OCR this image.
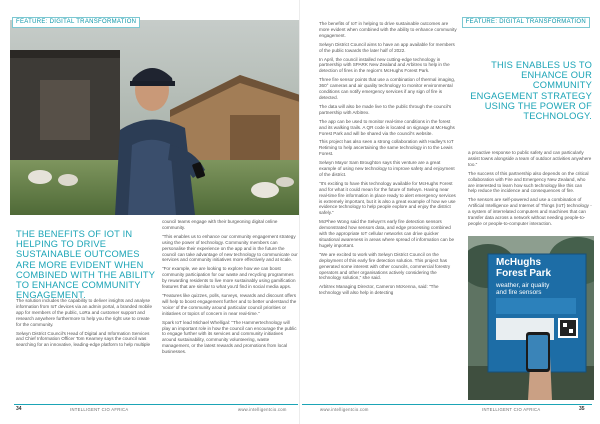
FEATURE: DIGITAL TRANSFORMATION
THE BENEFITS OF IOT IN HELPING TO DRIVE SUSTAINABLE OUTCOMES ARE MORE EVIDENT WHEN COMBINED WITH THE ABILITY TO ENHANCE COMMUNITY ENGAGEMENT.

The solution includes the capability to deliver insights and analyse information from IoT devices via an admin portal, a branded mobile app for members of the public, LoRa and customer support and research anywhere furthermore to help you the right use to create for the community.

Selwyn District Council's Head of Digital and Information Services and Chief Information Officer Tom Kearney says the council was searching for an innovative, leading-edge platform to help multiple

council teams engage with their burgeoning digital online community.

"This enables us to enhance our community engagement strategy using the power of technology. Community members can personalise their experience on the app and in the future the council can take advantage of new technology to communicate our services and community initiatives more effectively and at scale.

"For example, we are looking to explore how we can boost community participation for our waste and recycling programmes by rewarding residents to live more sustainably using gamification features that are similar to what you'd find in social media apps.

"Features like quizzes, polls, surveys, rewards and discount offers will help to boost engagement further and to better understand the 'voice' of the community around particular council priorities or initiatives or topics of concern in near real-time."

Spark IoT lead Michael Whelligal: "The Hammertechnology will play an important role in how the council can encourage the public to engage further with its services and community initiatives around sustainability, community volunteering, waste management, or the latest rewards and promotions from local businesses.

34	INTELLIGENT CIO AFRICA	www.intelligentcio.com
FEATURE: DIGITAL TRANSFORMATION

The benefits of IoT in helping to drive sustainable outcomes are more evident when combined with the ability to enhance community engagement.

Selwyn District Council aims to have an app available for members of the public towards the later half of 2022.

In April, the council installed new cutting-edge technology in partnership with SPARK New Zealand and Arbitrex to help in the detection of fires in the region's McHughs Forest Park.

Three fire sensor points that use a combination of thermal imaging, 360° cameras and air quality technology to monitor environmental conditions can notify emergency services if any sign of fire is detected.

The data will also be made live to the public through the council's partnership with Arbitrex.

The app can be used to monitor real-time conditions in the forest and its walking trails. A QR code is located on signage at McHughs Forest Park and will be shared via the council's website.

This project has also seen a strong collaboration with Hadley's IoT Retiming to help ascertaining the same technology in to the Lewis Forest.

Selwyn Mayor Sam Broughton says this venture are a great example of using new technology to improve safety and enjoyment of the district.

"It's exciting to have this technology available for McHughs Forest and for what it could mean for the future of Selwyn. Having near real-time fire information in place ready to alert emergency services is extremely important, but it is also a great example of how we use evidence technology to help people explore and enjoy the district safely."

McPhee Wong said the Selwyn's early fire detection sensors demonstrated how sensors data, and edge processing combined with the appropriate IoT cellular networks can drive quicker situational awareness in areas where spread of information can be hugely important.

"We are excited to work with Selwyn District Council on the deployment of this early fire detection solution. This project has generated some interest with other councils, commercial forestry operators and other organisations actively considering the technology solution," she said.

Arbitrex Managing Director, Cameron McKenna, said: "The technology will also help in detecting

THIS ENABLES US TO ENHANCE OUR COMMUNITY ENGAGEMENT STRATEGY USING THE POWER OF TECHNOLOGY.

a proactive response to public safety and can particularly assist towns alongside a team of outdoor activities anywhere too."

The success of this partnership also depends on the critical collaboration with Fire and Emergency New Zealand, who are interested to learn how such technology like this can help reduce the incidence and consequences of fire.

The sensors are self-powered and use a combination of Artificial Intelligence and Internet of Things (IoT) technology - a system of interrelated computers and machines that can transfer data across a network without needing people-to-people or people-to-computer interaction.

McHughs
Forest Park
weather, air quality
and fire sensors
www.intelligentcio.com	INTELLIGENT CIO AFRICA	35
